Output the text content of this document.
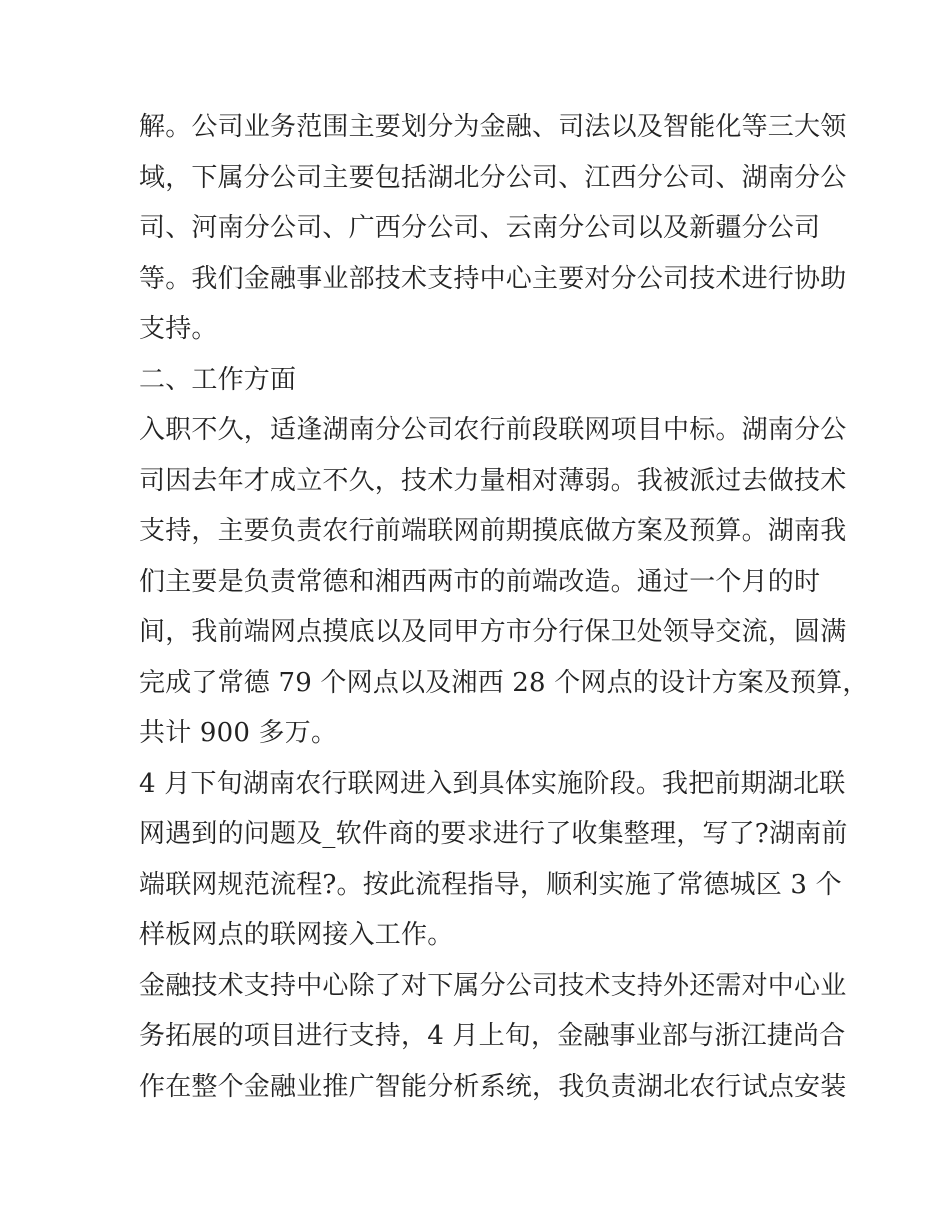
解。公司业务范围主要划分为金融、司法以及智能化等三大领
域，下属分公司主要包括湖北分公司、江西分公司、湖南分公
司、河南分公司、广西分公司、云南分公司以及新疆分公司
等。我们金融事业部技术支持中心主要对分公司技术进行协助
支持。
二、工作方面
入职不久，适逢湖南分公司农行前段联网项目中标。湖南分公
司因去年才成立不久，技术力量相对薄弱。我被派过去做技术
支持，主要负责农行前端联网前期摸底做方案及预算。湖南我
们主要是负责常德和湘西两市的前端改造。通过一个月的时
间，我前端网点摸底以及同甲方市分行保卫处领导交流，圆满
完成了常德 79 个网点以及湘西 28 个网点的设计方案及预算，
共计 900 多万。
4 月下旬湖南农行联网进入到具体实施阶段。我把前期湖北联
网遇到的问题及_软件商的要求进行了收集整理，写了?湖南前
端联网规范流程?。按此流程指导，顺利实施了常德城区 3 个
样板网点的联网接入工作。
金融技术支持中心除了对下属分公司技术支持外还需对中心业
务拓展的项目进行支持，4 月上旬，金融事业部与浙江捷尚合
作在整个金融业推广智能分析系统，我负责湖北农行试点安装
